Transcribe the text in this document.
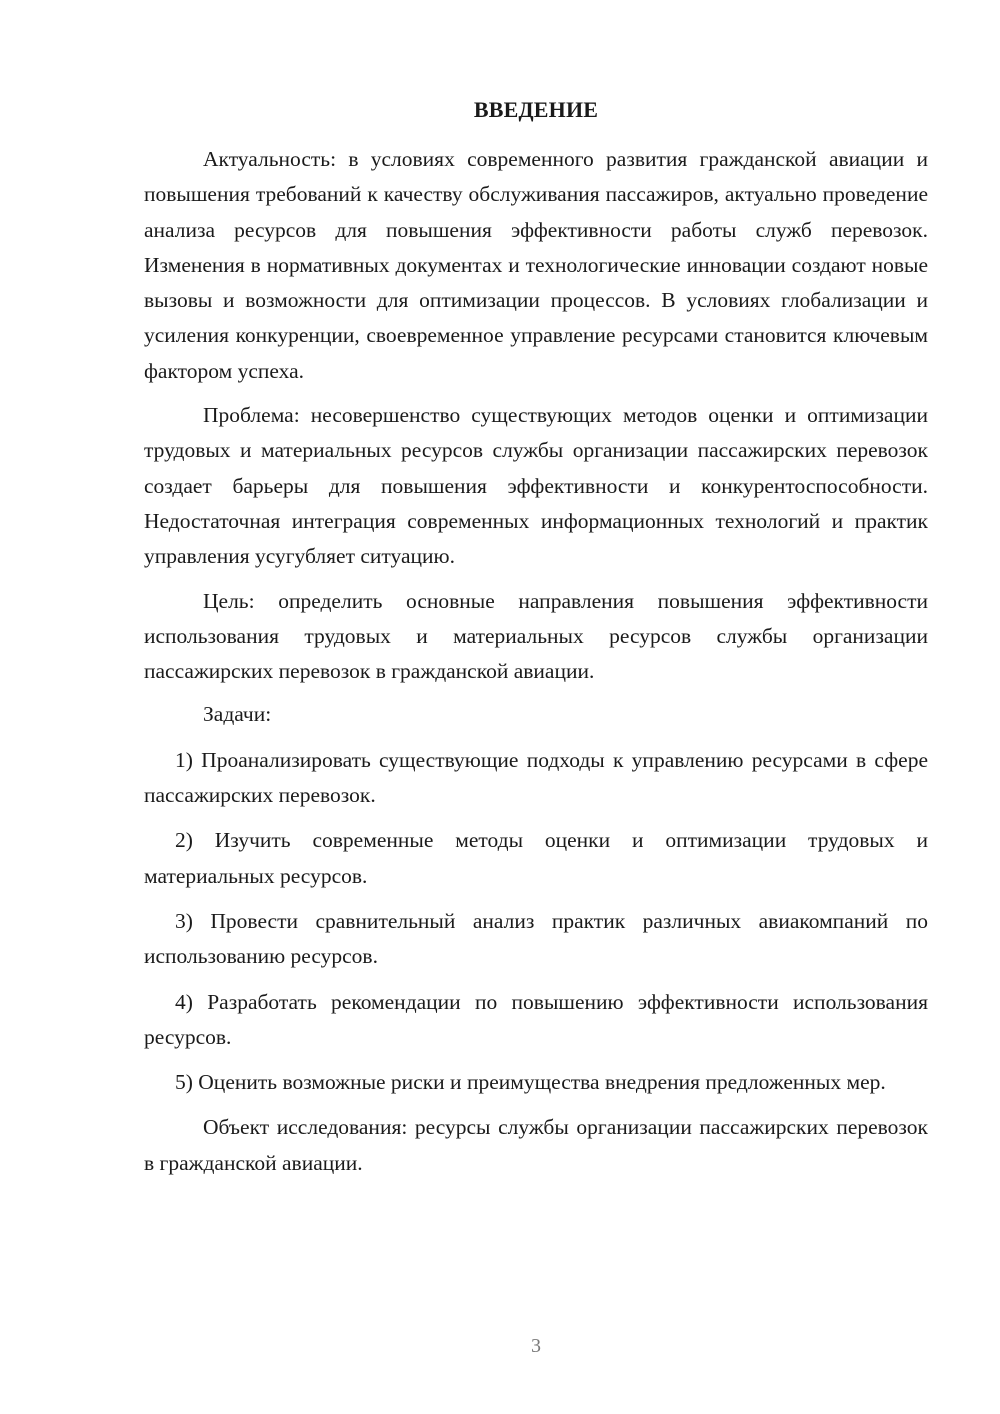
ВВЕДЕНИЕ

Актуальность: в условиях современного развития гражданской авиации и повышения требований к качеству обслуживания пассажиров, актуально проведение анализа ресурсов для повышения эффективности работы служб перевозок. Изменения в нормативных документах и технологические инновации создают новые вызовы и возможности для оптимизации процессов. В условиях глобализации и усиления конкуренции, своевременное управление ресурсами становится ключевым фактором успеха.

Проблема: несовершенство существующих методов оценки и оптимизации трудовых и материальных ресурсов службы организации пассажирских перевозок создает барьеры для повышения эффективности и конкурентоспособности. Недостаточная интеграция современных информационных технологий и практик управления усугубляет ситуацию.

Цель: определить основные направления повышения эффективности использования трудовых и материальных ресурсов службы организации пассажирских перевозок в гражданской авиации.

Задачи:

1) Проанализировать существующие подходы к управлению ресурсами в сфере пассажирских перевозок.

2) Изучить современные методы оценки и оптимизации трудовых и материальных ресурсов.

3) Провести сравнительный анализ практик различных авиакомпаний по использованию ресурсов.

4) Разработать рекомендации по повышению эффективности использования ресурсов.

5) Оценить возможные риски и преимущества внедрения предложенных мер.

Объект исследования: ресурсы службы организации пассажирских перевозок в гражданской авиации.

3
